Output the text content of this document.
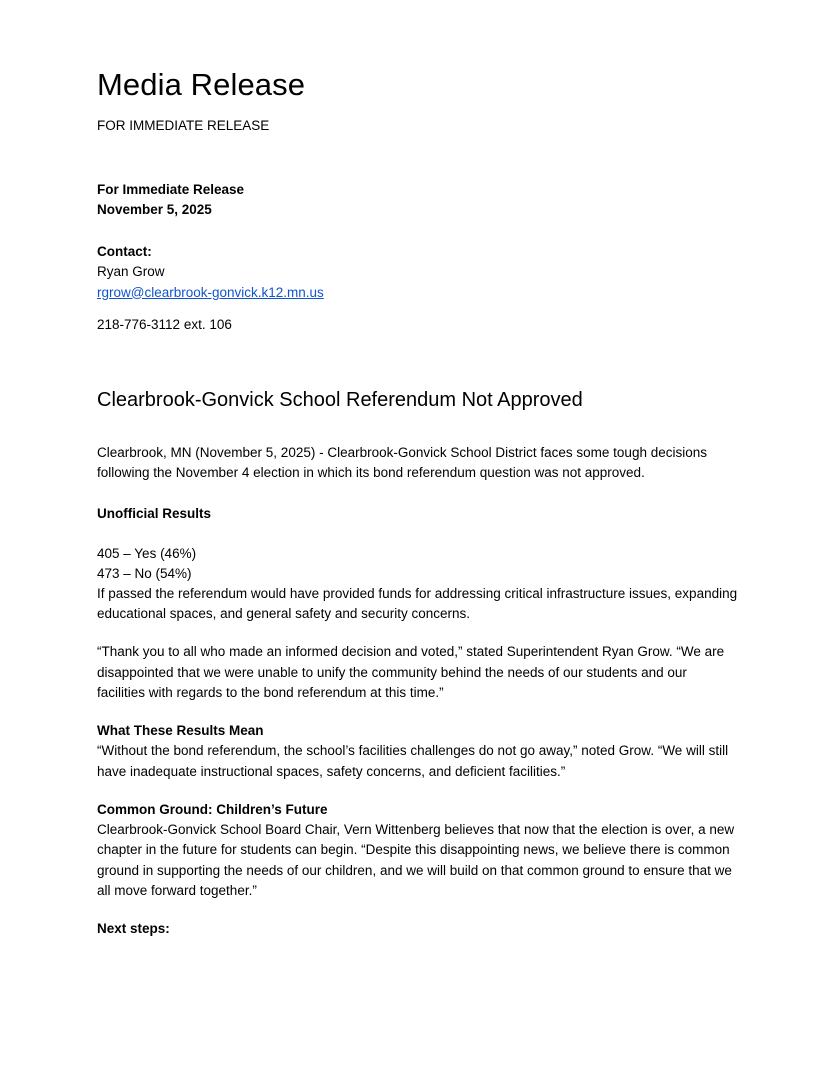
Media Release

FOR IMMEDIATE RELEASE

For Immediate Release

November 5, 2025

Contact:

Ryan Grow

rgrow@clearbrook-gonvick.k12.mn.us

218-776-3112 ext. 106

Clearbrook-Gonvick School Referendum Not Approved

Clearbrook, MN (November 5, 2025) - Clearbrook-Gonvick School District faces some tough decisions following the November 4 election in which its bond referendum question was not approved.

Unofficial Results

405 – Yes (46%)

473 – No (54%)

If passed the referendum would have provided funds for addressing critical infrastructure issues, expanding educational spaces, and general safety and security concerns.

“Thank you to all who made an informed decision and voted,” stated Superintendent Ryan Grow. “We are disappointed that we were unable to unify the community behind the needs of our students and our facilities with regards to the bond referendum at this time.”

What These Results Mean

“Without the bond referendum, the school’s facilities challenges do not go away,” noted Grow. “We will still have inadequate instructional spaces, safety concerns, and deficient facilities.”

Common Ground: Children’s Future

Clearbrook-Gonvick School Board Chair, Vern Wittenberg believes that now that the election is over, a new chapter in the future for students can begin. “Despite this disappointing news, we believe there is common ground in supporting the needs of our children, and we will build on that common ground to ensure that we all move forward together.”

Next steps:
